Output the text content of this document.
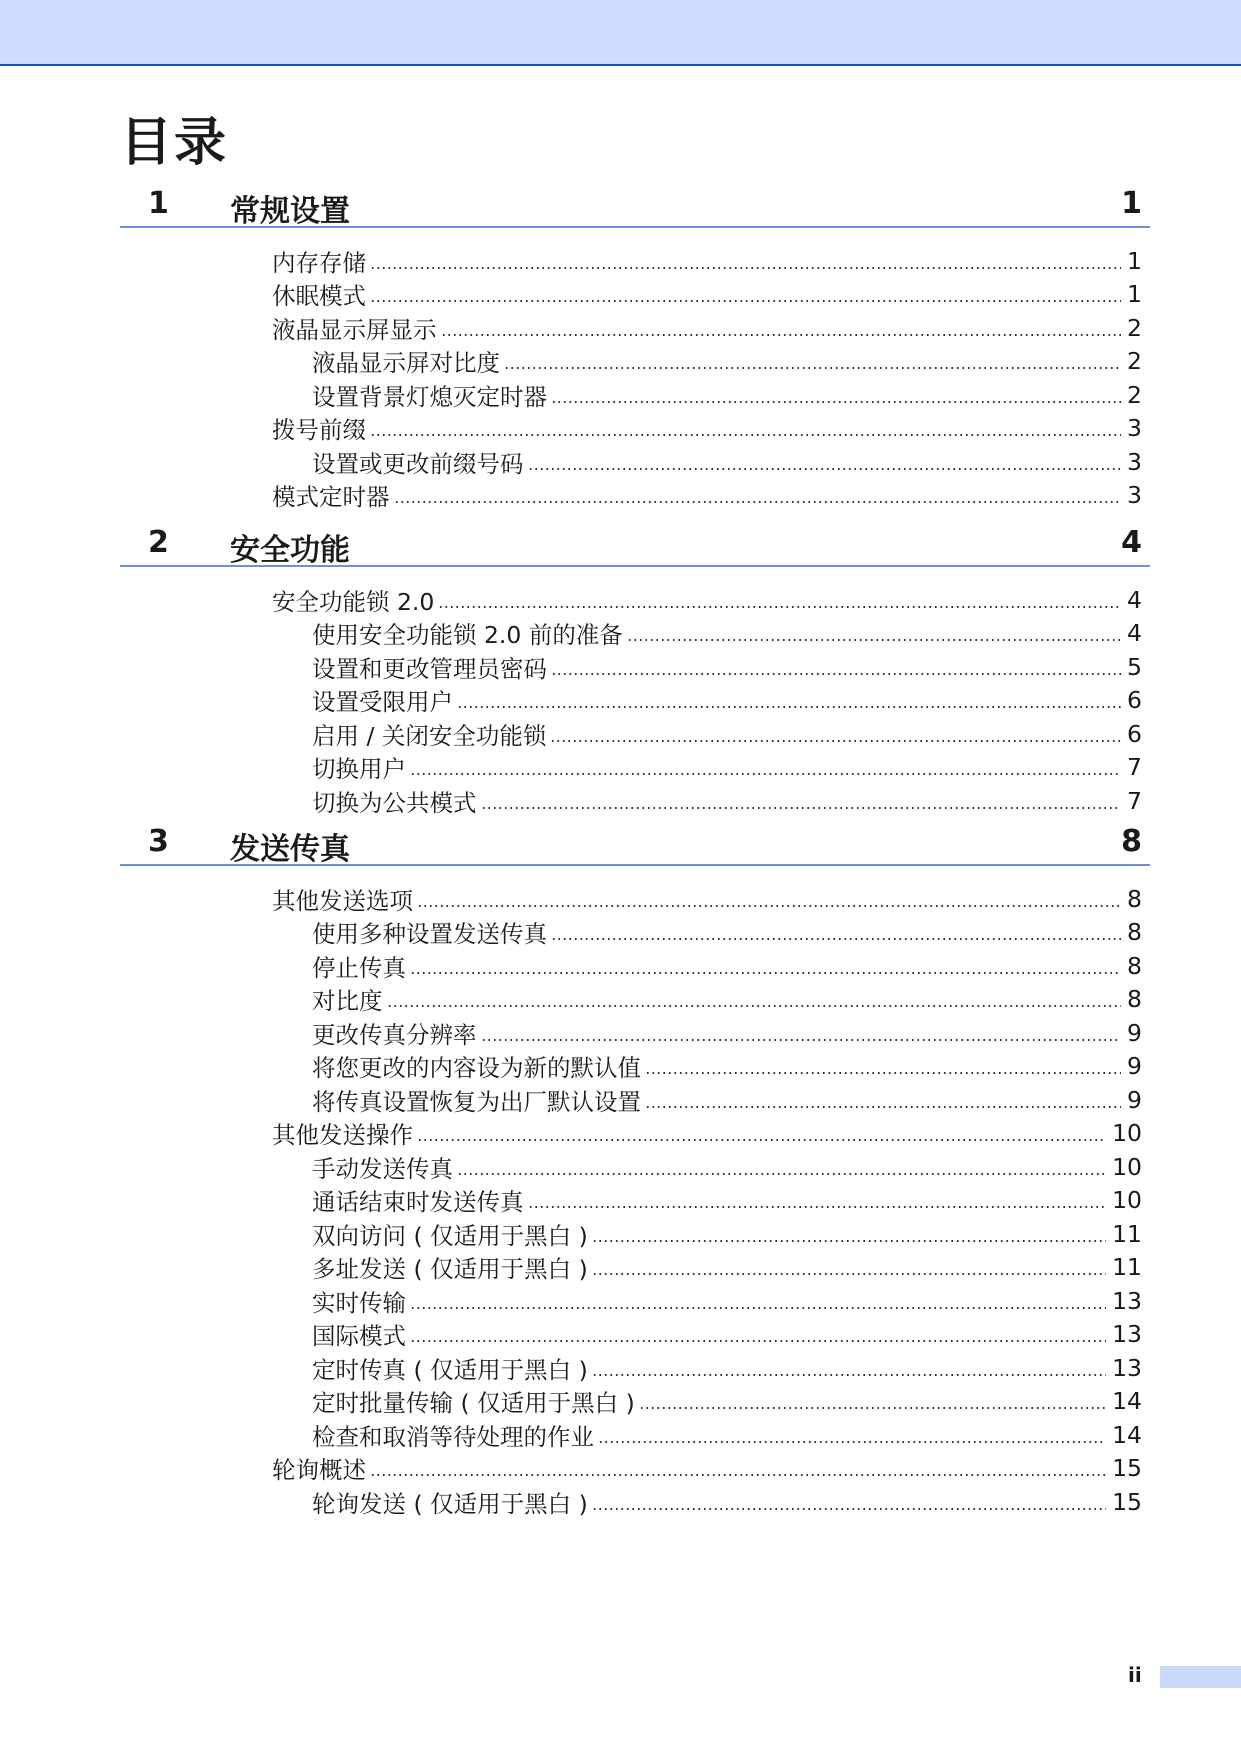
目录
1 常规设置	1
内存存储	1
休眠模式	1
液晶显示屏显示	2
液晶显示屏对比度	2
设置背景灯熄灭定时器	2
拨号前缀	3
设置或更改前缀号码	3
模式定时器	3
2 安全功能	4
安全功能锁 2.0	4
使用安全功能锁 2.0 前的准备	4
设置和更改管理员密码	5
设置受限用户	6
启用 / 关闭安全功能锁	6
切换用户	7
切换为公共模式	7
3 发送传真	8
其他发送选项	8
使用多种设置发送传真	8
停止传真	8
对比度	8
更改传真分辨率	9
将您更改的内容设为新的默认值	9
将传真设置恢复为出厂默认设置	9
其他发送操作	10
手动发送传真	10
通话结束时发送传真	10
双向访问 ( 仅适用于黑白 )	11
多址发送 ( 仅适用于黑白 )	11
实时传输	13
国际模式	13
定时传真 ( 仅适用于黑白 )	13
定时批量传输 ( 仅适用于黑白 )	14
检查和取消等待处理的作业	14
轮询概述	15
轮询发送 ( 仅适用于黑白 )	15
ii
